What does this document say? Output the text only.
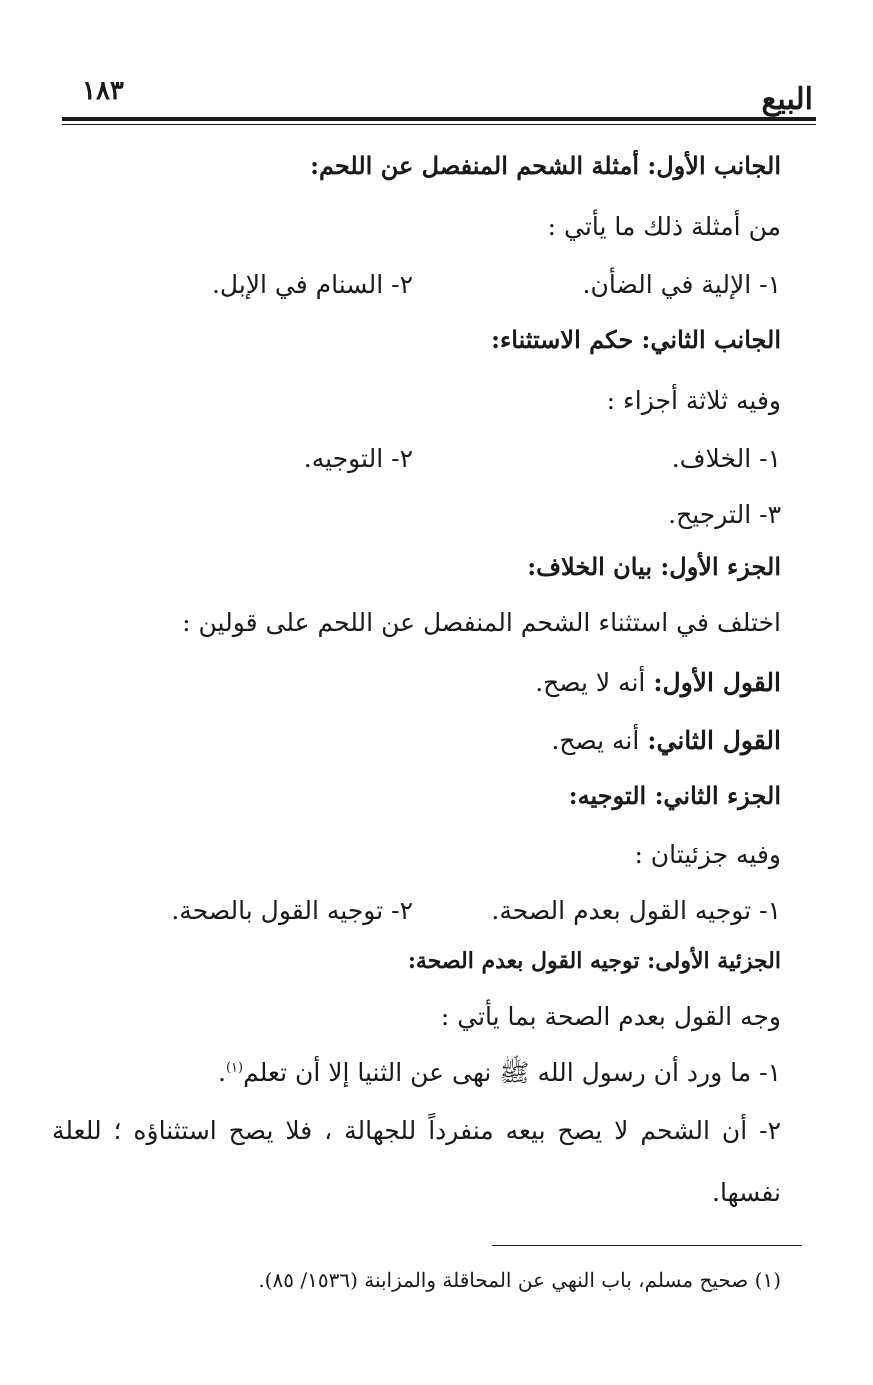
البيع
١٨٣
الجانب الأول: أمثلة الشحم المنفصل عن اللحم:
من أمثلة ذلك ما يأتي :
١- الإلية في الضأن.
٢- السنام في الإبل.
الجانب الثاني: حكم الاستثناء:
وفيه ثلاثة أجزاء :
١- الخلاف.
٢- التوجيه.
٣- الترجيح.
الجزء الأول: بيان الخلاف:
اختلف في استثناء الشحم المنفصل عن اللحم على قولين :
القول الأول: أنه لا يصح.
القول الثاني: أنه يصح.
الجزء الثاني: التوجيه:
وفيه جزئيتان :
١- توجيه القول بعدم الصحة.
٢- توجيه القول بالصحة.
الجزئية الأولى: توجيه القول بعدم الصحة:
وجه القول بعدم الصحة بما يأتي :
١- ما ورد أن رسول الله ﷺ نهى عن الثنيا إلا أن تعلم$^{(١)}$.
٢- أن الشحم لا يصح بيعه منفرداً للجهالة ، فلا يصح استثناؤه ؛ للعلة
نفسها.
(١) صحيح مسلم، باب النهي عن المحاقلة والمزابنة (١٥٣٦/ ٨٥).
